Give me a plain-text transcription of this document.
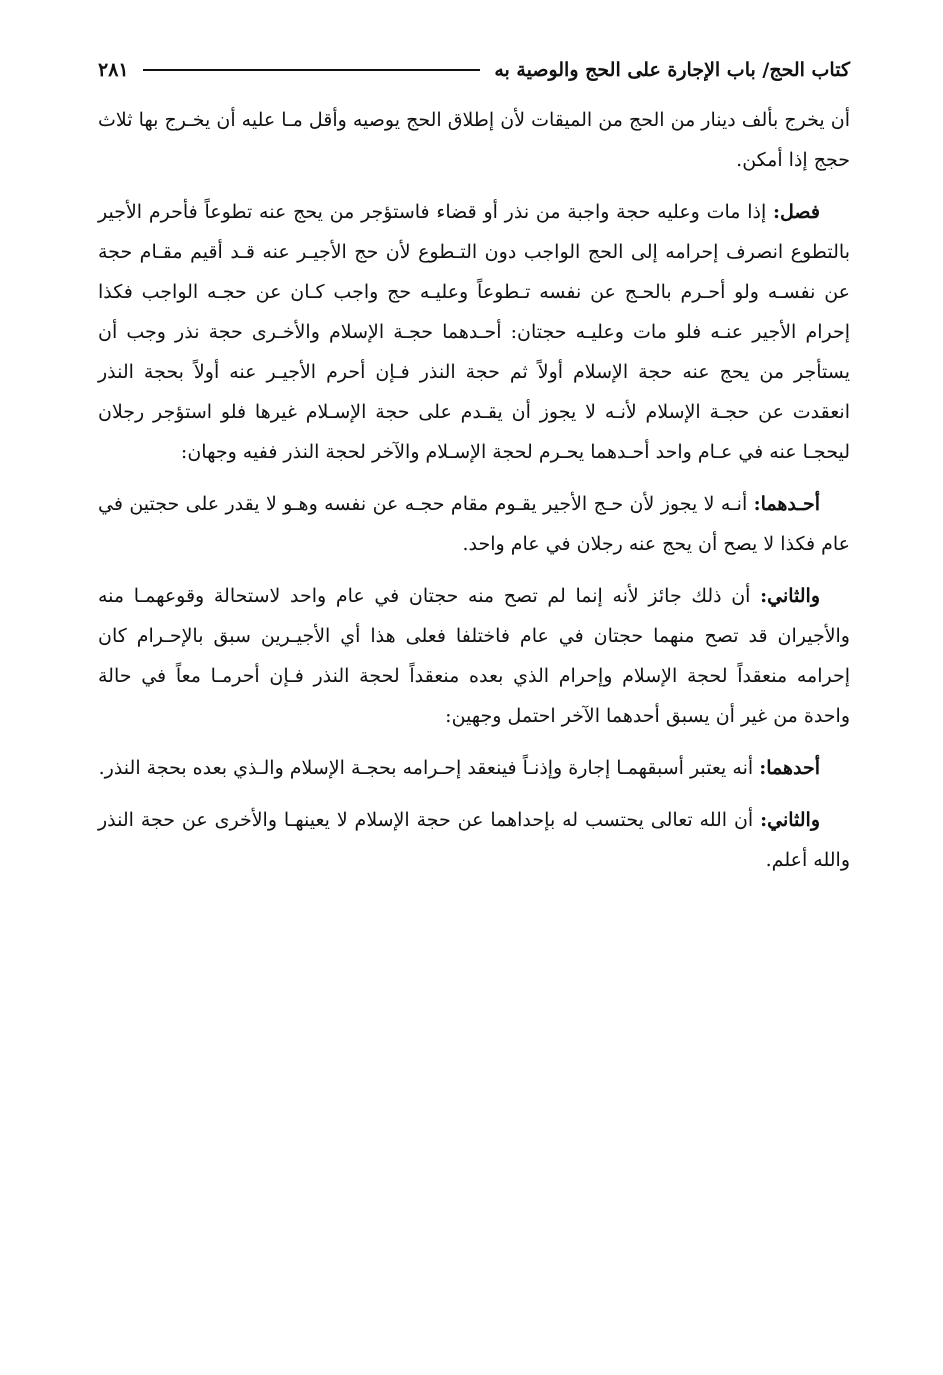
كتاب الحج/ باب الإجارة على الحج والوصية به
٢٨١

أن يخرج بألف دينار من الحج من الميقات لأن إطلاق الحج يوصيه وأقل مـا عليه أن يخـرج بها ثلاث حجج إذا أمكن.

فصل: إذا مات وعليه حجة واجبة من نذر أو قضاء فاستؤجر من يحج عنه تطوعاً فأحرم الأجير بالتطوع انصرف إحرامه إلى الحج الواجب دون التـطوع لأن حج الأجيـر عنه قـد أقيم مقـام حجة عن نفسـه ولو أحـرم بالحـج عن نفسه تـطوعاً وعليـه حج واجب كـان عن حجـه الواجب فكذا إحرام الأجير عنـه فلو مات وعليـه حجتان: أحـدهما حجـة الإسلام والأخـرى حجة نذر وجب أن يستأجر من يحج عنه حجة الإسلام أولاً ثم حجة النذر فـإن أحرم الأجيـر عنه أولاً بحجة النذر انعقدت عن حجـة الإسلام لأنـه لا يجوز أن يقـدم على حجة الإسـلام غيرها فلو استؤجر رجلان ليحجـا عنه في عـام واحد أحـدهما يحـرم لحجة الإسـلام والآخر لحجة النذر ففيه وجهان:

أحـدهما: أنـه لا يجوز لأن حـج الأجير يقـوم مقام حجـه عن نفسه وهـو لا يقدر على حجتين في عام فكذا لا يصح أن يحج عنه رجلان في عام واحد.

والثاني: أن ذلك جائز لأنه إنما لم تصح منه حجتان في عام واحد لاستحالة وقوعهمـا منه والأجيران قد تصح منهما حجتان في عام فاختلفا فعلى هذا أي الأجيـرين سبق بالإحـرام كان إحرامه منعقداً لحجة الإسلام وإحرام الذي بعده منعقداً لحجة النذر فـإن أحرمـا معاً في حالة واحدة من غير أن يسبق أحدهما الآخر احتمل وجهين:

أحدهما: أنه يعتبر أسبقهمـا إجارة وإذنـاً فينعقد إحـرامه بحجـة الإسلام والـذي بعده بحجة النذر.

والثاني: أن الله تعالى يحتسب له بإحداهما عن حجة الإسلام لا يعينهـا والأخرى عن حجة النذر والله أعلم.
